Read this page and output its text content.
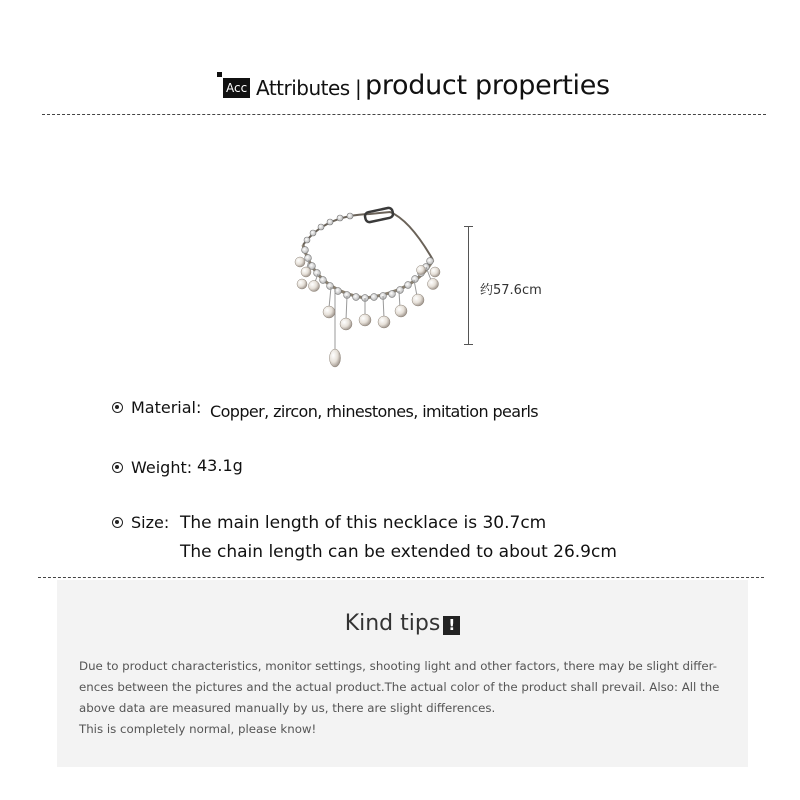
Acc Attributes | product properties
约57.6cm
Material: Copper, zircon, rhinestones, imitation pearls
Weight: 43.1g
Size: The main length of this necklace is 30.7cm
The chain length can be extended to about 26.9cm
Kind tips !

Due to product characteristics, monitor settings, shooting light and other factors, there may be slight differ-

ences between the pictures and the actual product.The actual color of the product shall prevail. Also: All the

above data are measured manually by us, there are slight differences.

This is completely normal, please know!
